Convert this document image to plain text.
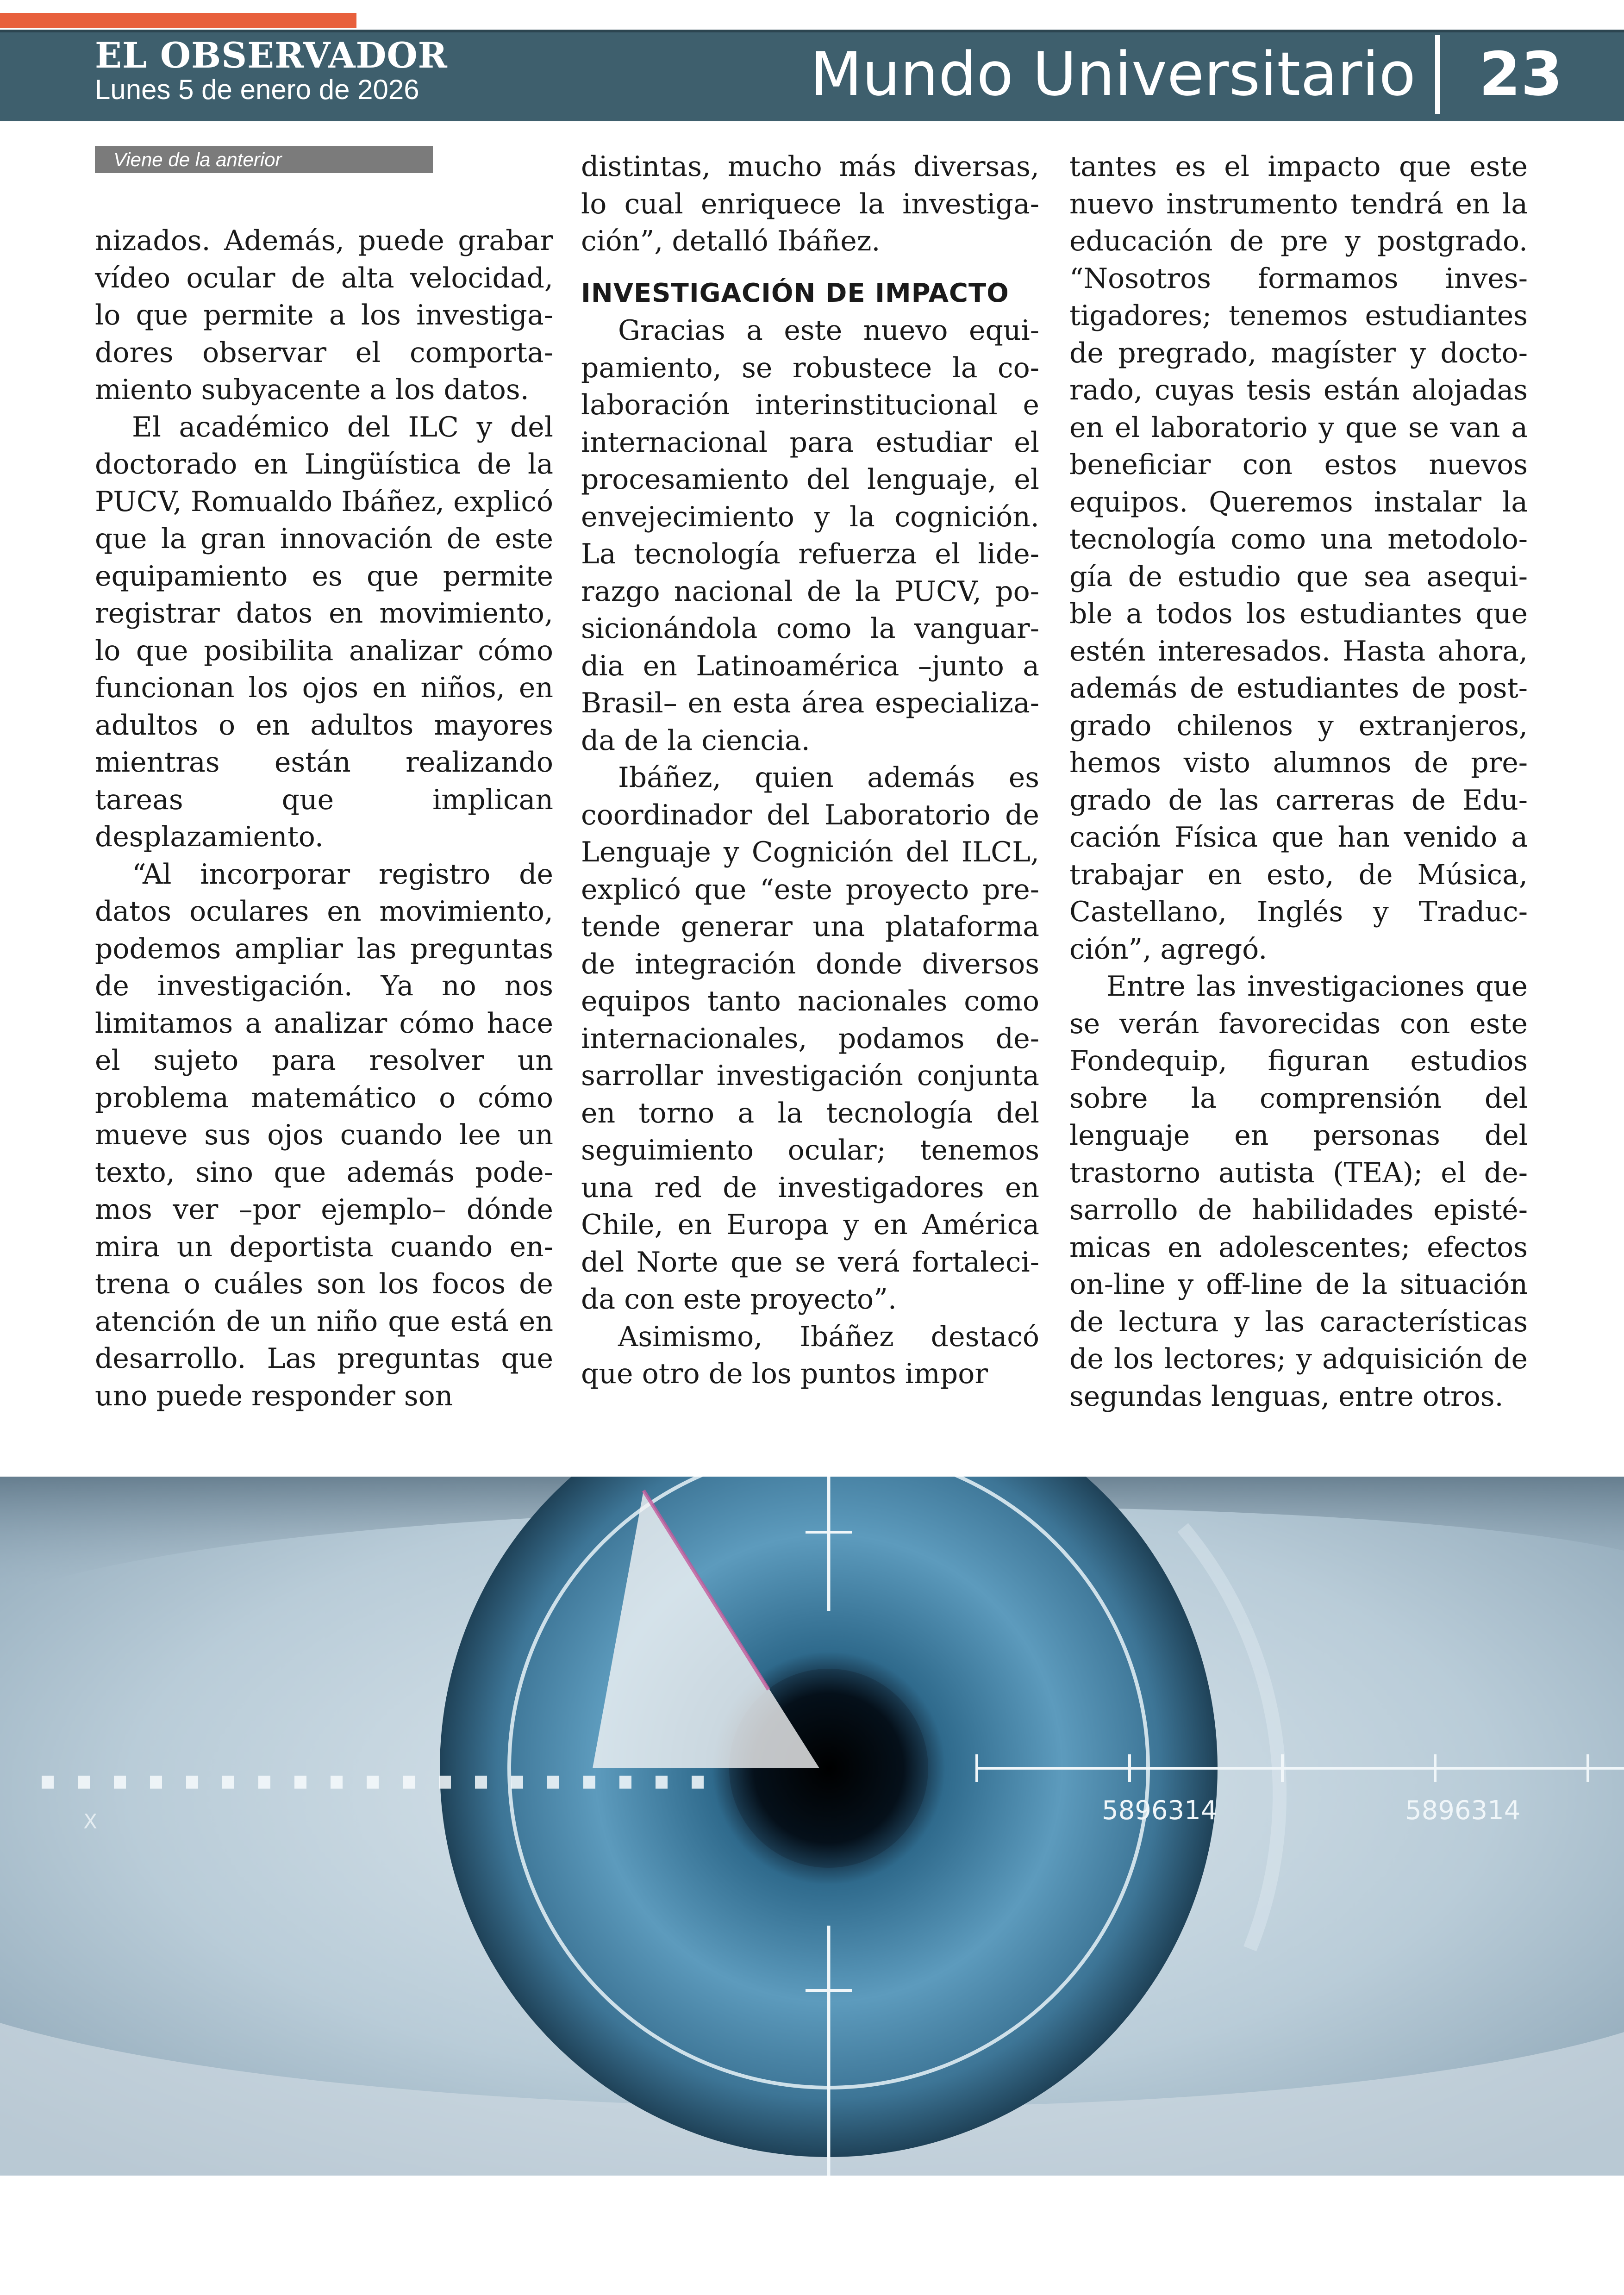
EL OBSERVADOR
Lunes 5 de enero de 2026	Mundo Universitario	23
Viene de la anterior

nizados. Además, puede grabar vídeo ocular de alta velocidad, lo que permite a los investigadores observar el comportamiento subyacente a los datos.

El académico del ILC y del doctorado en Lingüística de la PUCV, Romualdo Ibáñez, explicó que la gran innovación de este equipamiento es que permite registrar datos en movimiento, lo que posibilita analizar cómo funcionan los ojos en niños, en adultos o en adultos mayores mientras están realizando tareas que implican desplazamiento.

“Al incorporar registro de datos oculares en movimiento, podemos ampliar las preguntas de investigación. Ya no nos limitamos a analizar cómo hace el sujeto para resolver un problema matemático o cómo mueve sus ojos cuando lee un texto, sino que además podemos ver –por ejemplo– dónde mira un deportista cuando entrena o cuáles son los focos de atención de un niño que está en desarrollo. Las preguntas que uno puede responder son

distintas, mucho más diversas, lo cual enriquece la investigación”, detalló Ibáñez.

INVESTIGACIÓN DE IMPACTO

Gracias a este nuevo equipamiento, se robustece la colaboración interinstitucional e internacional para estudiar el procesamiento del lenguaje, el envejecimiento y la cognición. La tecnología refuerza el liderazgo nacional de la PUCV, posicionándola como la vanguardia en Latinoamérica –junto a Brasil– en esta área especializada de la ciencia.

Ibáñez, quien además es coordinador del Laboratorio de Lenguaje y Cognición del ILCL, explicó que “este proyecto pretende generar una plataforma de integración donde diversos equipos tanto nacionales como internacionales, podamos desarrollar investigación conjunta en torno a la tecnología del seguimiento ocular; tenemos una red de investigadores en Chile, en Europa y en América del Norte que se verá fortalecida con este proyecto”.

Asimismo, Ibáñez destacó que otro de los puntos impor

tantes es el impacto que este nuevo instrumento tendrá en la educación de pre y postgrado. “Nosotros formamos investigadores; tenemos estudiantes de pregrado, magíster y doctorado, cuyas tesis están alojadas en el laboratorio y que se van a beneficiar con estos nuevos equipos. Queremos instalar la tecnología como una metodología de estudio que sea asequible a todos los estudiantes que estén interesados. Hasta ahora, además de estudiantes de postgrado chilenos y extranjeros, hemos visto alumnos de pregrado de las carreras de Educación Física que han venido a trabajar en esto, de Música, Castellano, Inglés y Traducción”, agregó.

Entre las investigaciones que se verán favorecidas con este Fondequip, figuran estudios sobre la comprensión del lenguaje en personas del trastorno autista (TEA); el desarrollo de habilidades epistémicas en adolescentes; efectos on-line y off-line de la situación de lectura y las características de los lectores; y adquisición de segundas lenguas, entre otros.

5896314	5896314
X
